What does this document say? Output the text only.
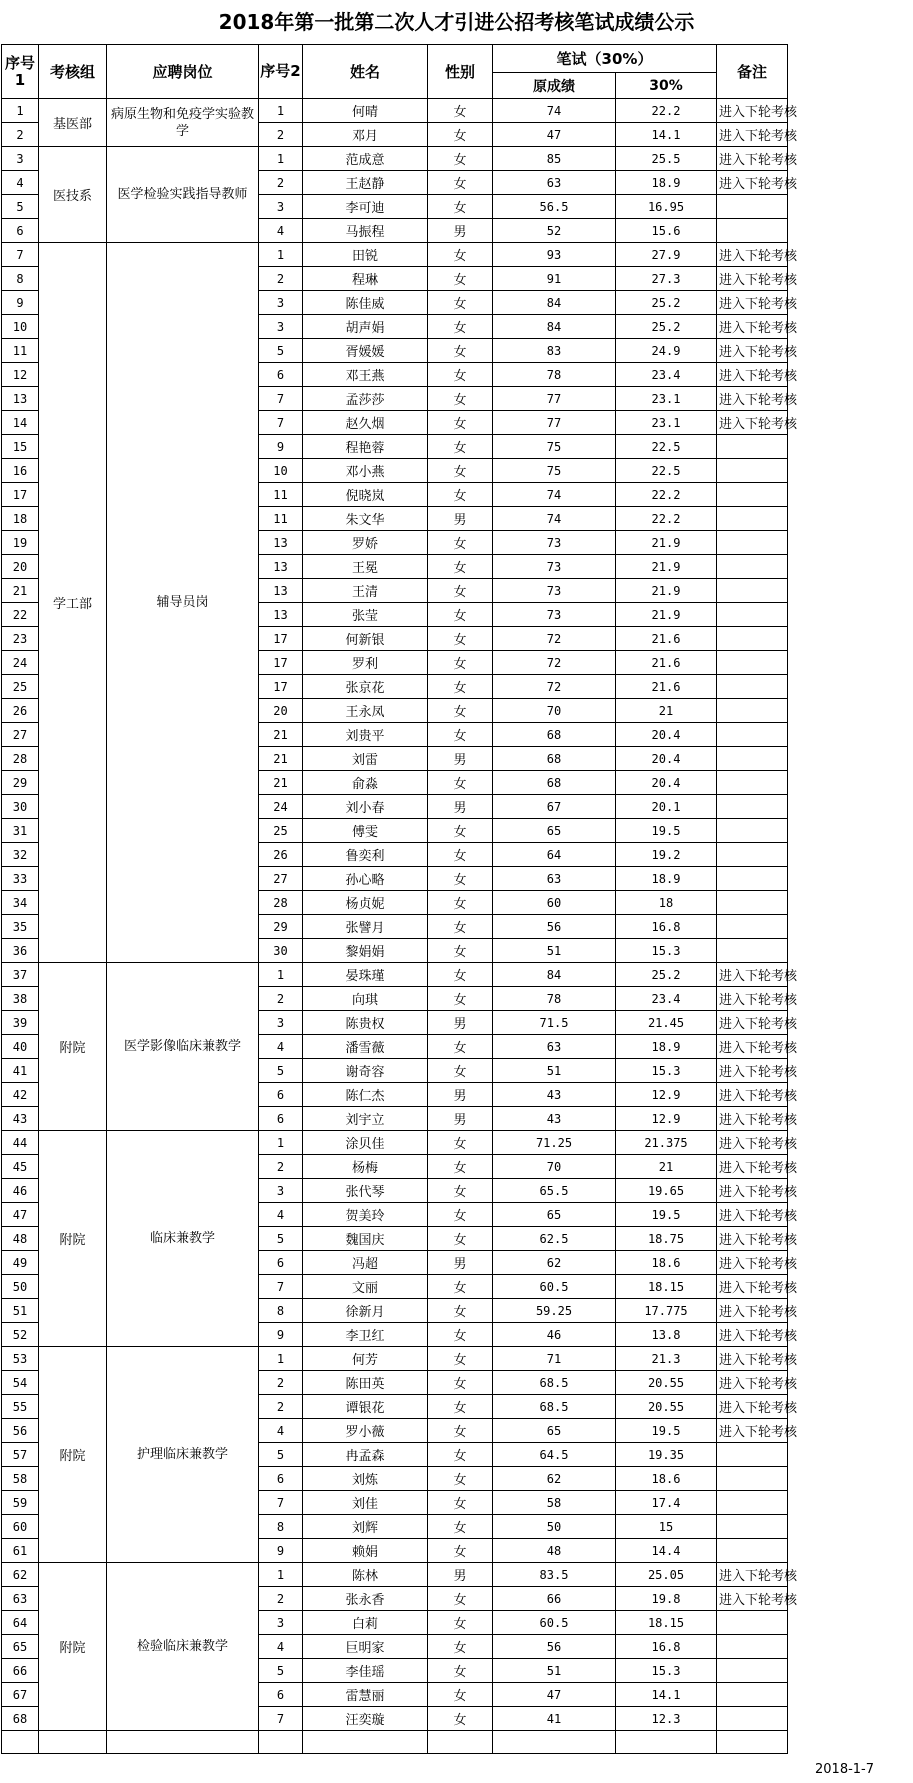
2018年第一批第二次人才引进公招考核笔试成绩公示
序号1	考核组	应聘岗位	序号2	姓名	性别	笔试（30%）		备注
						原成绩	30%	
1	基医部	病原生物和免疫学实验教学	1	何晴	女	74	22.2	进入下轮考核
2			2	邓月	女	47	14.1	进入下轮考核
3	医技系	医学检验实践指导教师	1	范成意	女	85	25.5	进入下轮考核
4			2	王赵静	女	63	18.9	进入下轮考核
5			3	李可迪	女	56.5	16.95	
6			4	马振程	男	52	15.6	
7	学工部	辅导员岗	1	田锐	女	93	27.9	进入下轮考核
8			2	程琳	女	91	27.3	进入下轮考核
9			3	陈佳威	女	84	25.2	进入下轮考核
10			3	胡声娟	女	84	25.2	进入下轮考核
11			5	胥媛媛	女	83	24.9	进入下轮考核
12			6	邓王燕	女	78	23.4	进入下轮考核
13			7	孟莎莎	女	77	23.1	进入下轮考核
14			7	赵久烟	女	77	23.1	进入下轮考核
15			9	程艳蓉	女	75	22.5	
16			10	邓小燕	女	75	22.5	
17			11	倪晓岚	女	74	22.2	
18			11	朱文华	男	74	22.2	
19			13	罗娇	女	73	21.9	
20			13	王冕	女	73	21.9	
21			13	王清	女	73	21.9	
22			13	张莹	女	73	21.9	
23			17	何新银	女	72	21.6	
24			17	罗利	女	72	21.6	
25			17	张京花	女	72	21.6	
26			20	王永凤	女	70	21	
27			21	刘贵平	女	68	20.4	
28			21	刘雷	男	68	20.4	
29			21	俞淼	女	68	20.4	
30			24	刘小春	男	67	20.1	
31			25	傅雯	女	65	19.5	
32			26	鲁奕利	女	64	19.2	
33			27	孙心略	女	63	18.9	
34			28	杨贞妮	女	60	18	
35			29	张譬月	女	56	16.8	
36			30	黎娟娟	女	51	15.3	
37	附院	医学影像临床兼教学	1	晏珠瑾	女	84	25.2	进入下轮考核
38			2	向琪	女	78	23.4	进入下轮考核
39			3	陈贵权	男	71.5	21.45	进入下轮考核
40			4	潘雪薇	女	63	18.9	进入下轮考核
41			5	谢奇容	女	51	15.3	进入下轮考核
42			6	陈仁杰	男	43	12.9	进入下轮考核
43			6	刘宇立	男	43	12.9	进入下轮考核
44	附院	临床兼教学	1	涂贝佳	女	71.25	21.375	进入下轮考核
45			2	杨梅	女	70	21	进入下轮考核
46			3	张代琴	女	65.5	19.65	进入下轮考核
47			4	贺美玲	女	65	19.5	进入下轮考核
48			5	魏国庆	女	62.5	18.75	进入下轮考核
49			6	冯超	男	62	18.6	进入下轮考核
50			7	文丽	女	60.5	18.15	进入下轮考核
51			8	徐新月	女	59.25	17.775	进入下轮考核
52			9	李卫红	女	46	13.8	进入下轮考核
53	附院	护理临床兼教学	1	何芳	女	71	21.3	进入下轮考核
54			2	陈田英	女	68.5	20.55	进入下轮考核
55			2	谭银花	女	68.5	20.55	进入下轮考核
56			4	罗小薇	女	65	19.5	进入下轮考核
57			5	冉孟森	女	64.5	19.35	
58			6	刘炼	女	62	18.6	
59			7	刘佳	女	58	17.4	
60			8	刘辉	女	50	15	
61			9	赖娟	女	48	14.4	
62	附院	检验临床兼教学	1	陈林	男	83.5	25.05	进入下轮考核
63			2	张永香	女	66	19.8	进入下轮考核
64			3	白莉	女	60.5	18.15	
65			4	巨明家	女	56	16.8	
66			5	李佳瑶	女	51	15.3	
67			6	雷慧丽	女	47	14.1	
68			7	汪奕璇	女	41	12.3	

2018-1-7
